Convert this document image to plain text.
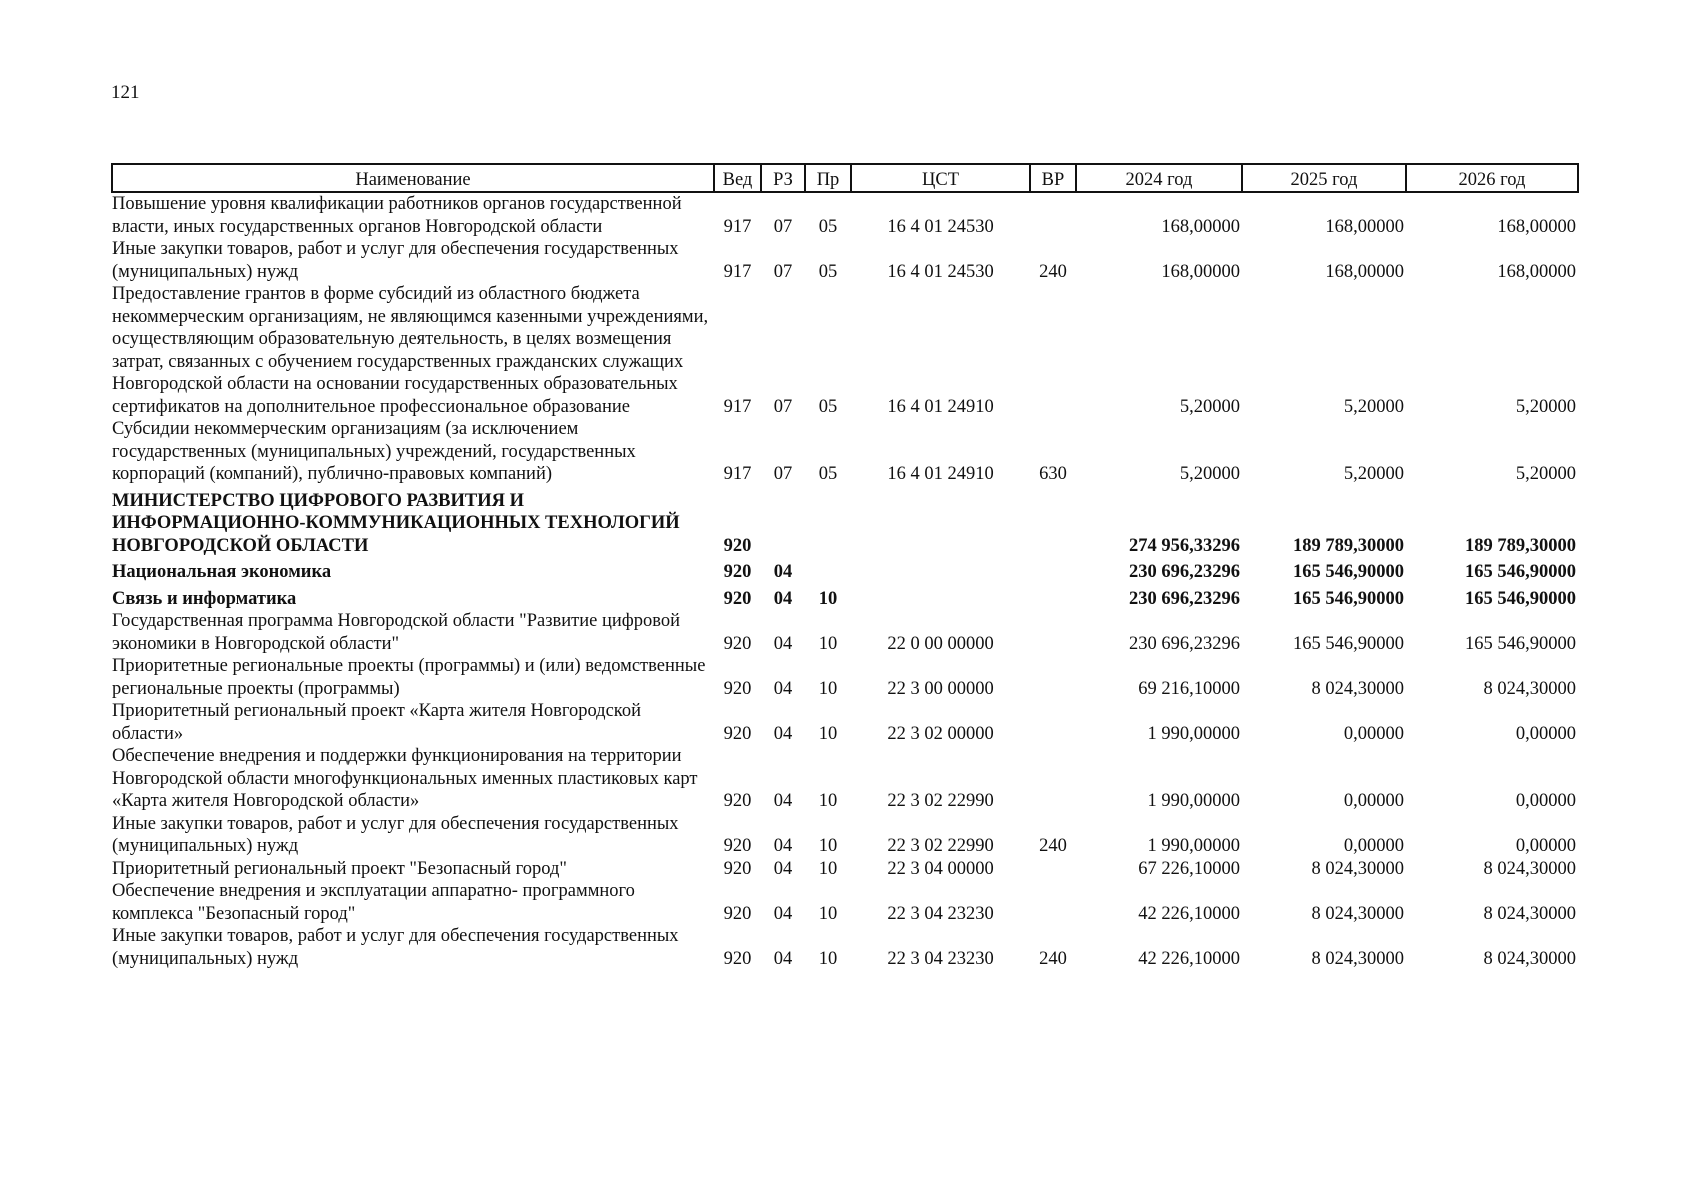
121
Наименование	Вед	РЗ	Пр	ЦСТ	ВР	2024 год	2025 год	2026 год
Повышение уровня квалификации работников органов государственной власти, иных государственных органов Новгородской области	917	07	05	16 4 01 24530		168,00000	168,00000	168,00000
Иные закупки товаров, работ и услуг для обеспечения государственных (муниципальных) нужд	917	07	05	16 4 01 24530	240	168,00000	168,00000	168,00000
Предоставление грантов в форме субсидий из областного бюджета некоммерческим организациям, не являющимся казенными учреждениями, осуществляющим образовательную деятельность, в целях возмещения затрат, связанных с обучением государственных гражданских служащих Новгородской области на основании государственных образовательных сертификатов на дополнительное профессиональное образование	917	07	05	16 4 01 24910		5,20000	5,20000	5,20000
Субсидии некоммерческим организациям (за исключением государственных (муниципальных) учреждений, государственных корпораций (компаний), публично-правовых компаний)	917	07	05	16 4 01 24910	630	5,20000	5,20000	5,20000
МИНИСТЕРСТВО ЦИФРОВОГО РАЗВИТИЯ И ИНФОРМАЦИОННО-КОММУНИКАЦИОННЫХ ТЕХНОЛОГИЙ НОВГОРОДСКОЙ ОБЛАСТИ	920					274 956,33296	189 789,30000	189 789,30000
Национальная экономика	920	04				230 696,23296	165 546,90000	165 546,90000
Связь и информатика	920	04	10			230 696,23296	165 546,90000	165 546,90000
Государственная программа Новгородской области "Развитие цифровой экономики в Новгородской области"	920	04	10	22 0 00 00000		230 696,23296	165 546,90000	165 546,90000
Приоритетные региональные проекты (программы) и (или) ведомственные региональные проекты (программы)	920	04	10	22 3 00 00000		69 216,10000	8 024,30000	8 024,30000
Приоритетный региональный проект «Карта жителя Новгородской области»	920	04	10	22 3 02 00000		1 990,00000	0,00000	0,00000
Обеспечение внедрения и поддержки функционирования на территории Новгородской области многофункциональных именных пластиковых карт «Карта жителя Новгородской области»	920	04	10	22 3 02 22990		1 990,00000	0,00000	0,00000
Иные закупки товаров, работ и услуг для обеспечения государственных (муниципальных) нужд	920	04	10	22 3 02 22990	240	1 990,00000	0,00000	0,00000
Приоритетный региональный проект "Безопасный город"	920	04	10	22 3 04 00000		67 226,10000	8 024,30000	8 024,30000
Обеспечение внедрения и эксплуатации аппаратно- программного комплекса "Безопасный город"	920	04	10	22 3 04 23230		42 226,10000	8 024,30000	8 024,30000
Иные закупки товаров, работ и услуг для обеспечения государственных (муниципальных) нужд	920	04	10	22 3 04 23230	240	42 226,10000	8 024,30000	8 024,30000
